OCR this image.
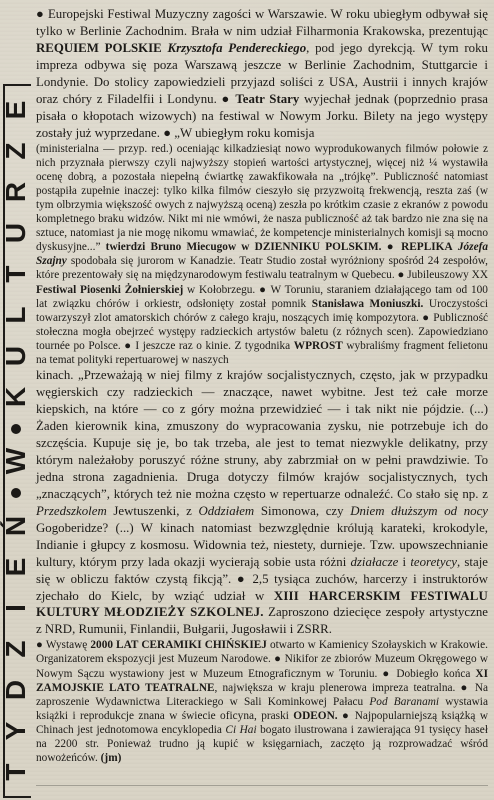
E
Z
R
U
T
L
U
K
W
Ń
E
I
Z
D
Y
T

● Europejski Festiwal Muzyczny zagości w Warszawie. W roku ubiegłym odbywał się tylko w Berlinie Zachodnim. Brała w nim udział Filharmonia Krakowska, prezentując REQUIEM POLSKIE Krzysztofa Pendereckiego, pod jego dyrekcją. W tym roku impreza odbywa się poza Warszawą jeszcze w Berlinie Zachodnim, Stuttgarcie i Londynie. Do stolicy zapowiedzieli przyjazd soliści z USA, Austrii i innych krajów oraz chóry z Filadelfii i Londynu. ● Teatr Stary wyjechał jednak (poprzednio prasa pisała o kłopotach wizowych) na festiwal w Nowym Jorku. Bilety na jego występy zostały już wyprzedane. ● „W ubiegłym roku komisja

(ministerialna — przyp. red.) oceniając kilkadziesiąt nowo wyprodukowanych filmów połowie z nich przyznała pierwszy czyli najwyższy stopień wartości artystycznej, więcej niż ¼ wystawiła ocenę dobrą, a pozostała niepełną ćwiartkę zawakfikowała na „trójkę”. Publiczność natomiast postąpiła zupełnie inaczej: tylko kilka filmów cieszyło się przyzwoitą frekwencją, reszta zaś (w tym olbrzymia większość owych z najwyższą oceną) zeszła po krótkim czasie z ekranów z powodu kompletnego braku widzów. Nikt mi nie wmówi, że nasza publiczność aż tak bardzo nie zna się na sztuce, natomiast ja nie mogę nikomu wmawiać, że kompetencje ministerialnych komisji są mocno dyskusyjne...” twierdzi Bruno Miecugow w DZIENNIKU POLSKIM. ● REPLIKA Józefa Szajny spodobała się jurorom w Kanadzie. Teatr Studio został wyróżniony spośród 24 zespołów, które prezentowały się na międzynarodowym festiwalu teatralnym w Quebecu. ● Jubileuszowy XX Festiwal Piosenki Żołnierskiej w Kołobrzegu. ● W Toruniu, staraniem działającego tam od 100 lat związku chórów i orkiestr, odsłonięty został pomnik Stanisława Moniuszki. Uroczystości towarzyszył zlot amatorskich chórów z całego kraju, noszących imię kompozytora. ● Publiczność stołeczna mogła obejrzeć występy radzieckich artystów baletu (z różnych scen). Zapowiedziano tournée po Polsce. ● I jeszcze raz o kinie. Z tygodnika WPROST wybraliśmy fragment felietonu na temat polityki repertuarowej w naszych

kinach. „Przeważają w niej filmy z krajów socjalistycznych, często, jak w przypadku węgierskich czy radzieckich — znaczące, nawet wybitne. Jest też całe morze kiepskich, na które — co z góry można przewidzieć — i tak nikt nie pójdzie. (...) Żaden kierownik kina, zmuszony do wypracowania zysku, nie potrzebuje ich do szczęścia. Kupuje się je, bo tak trzeba, ale jest to temat niezwykle delikatny, przy którym należałoby poruszyć różne struny, aby zabrzmiał on w pełni prawdziwie. To jedna strona zagadnienia. Druga dotyczy filmów krajów socjalistycznych, tych „znaczących”, których też nie można często w repertuarze odnaleźć. Co stało się np. z Przedszkolem Jewtuszenki, z Oddziałem Simonowa, czy Dniem dłuższym od nocy Gogoberidze? (...) W kinach natomiast bezwzględnie królują karateki, krokodyle, Indianie i głupcy z kosmosu. Widownia też, niestety, durnieje. Tzw. upowszechnianie kultury, którym przy lada okazji wycierają sobie usta różni działacze i teoretycy, staje się w obliczu faktów czystą fikcją”. ● 2,5 tysiąca zuchów, harcerzy i instruktorów zjechało do Kielc, by wziąć udział w XIII HARCERSKIM FESTIWALU KULTURY MŁODZIEŻY SZKOLNEJ. Zaproszono dziecięce zespoły artystyczne z NRD, Rumunii, Finlandii, Bułgarii, Jugosławii i ZSRR.

● Wystawę 2000 LAT CERAMIKI CHIŃSKIEJ otwarto w Kamienicy Szołayskich w Krakowie. Organizatorem ekspozycji jest Muzeum Narodowe. ● Nikifor ze zbiorów Muzeum Okręgowego w Nowym Sączu wystawiony jest w Muzeum Etnograficznym w Toruniu. ● Dobiegło końca XI ZAMOJSKIE LATO TEATRALNE, największa w kraju plenerowa impreza teatralna. ● Na zaproszenie Wydawnictwa Literackiego w Sali Kominkowej Pałacu Pod Baranami wystawia książki i reprodukcje znana w świecie oficyna, praski ODEON. ● Najpopularniejszą książką w Chinach jest jednotomowa encyklopedia Ci Hai bogato ilustrowana i zawierająca 91 tysięcy haseł na 2200 str. Ponieważ trudno ją kupić w księgarniach, zaczęto ją rozprowadzać wśród nowożeńców. (jm)
